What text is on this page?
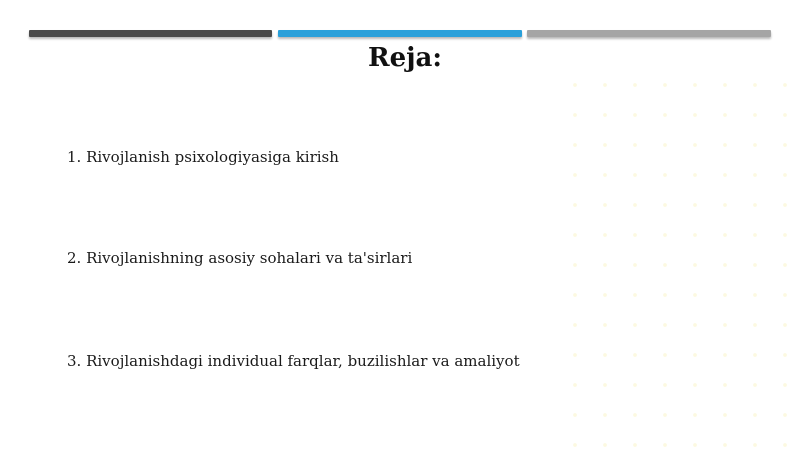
Reja:
1. Rivojlanish psixologiyasiga kirish
2. Rivojlanishning asosiy sohalari va ta'sirlari
3. Rivojlanishdagi individual farqlar, buzilishlar va amaliyot
